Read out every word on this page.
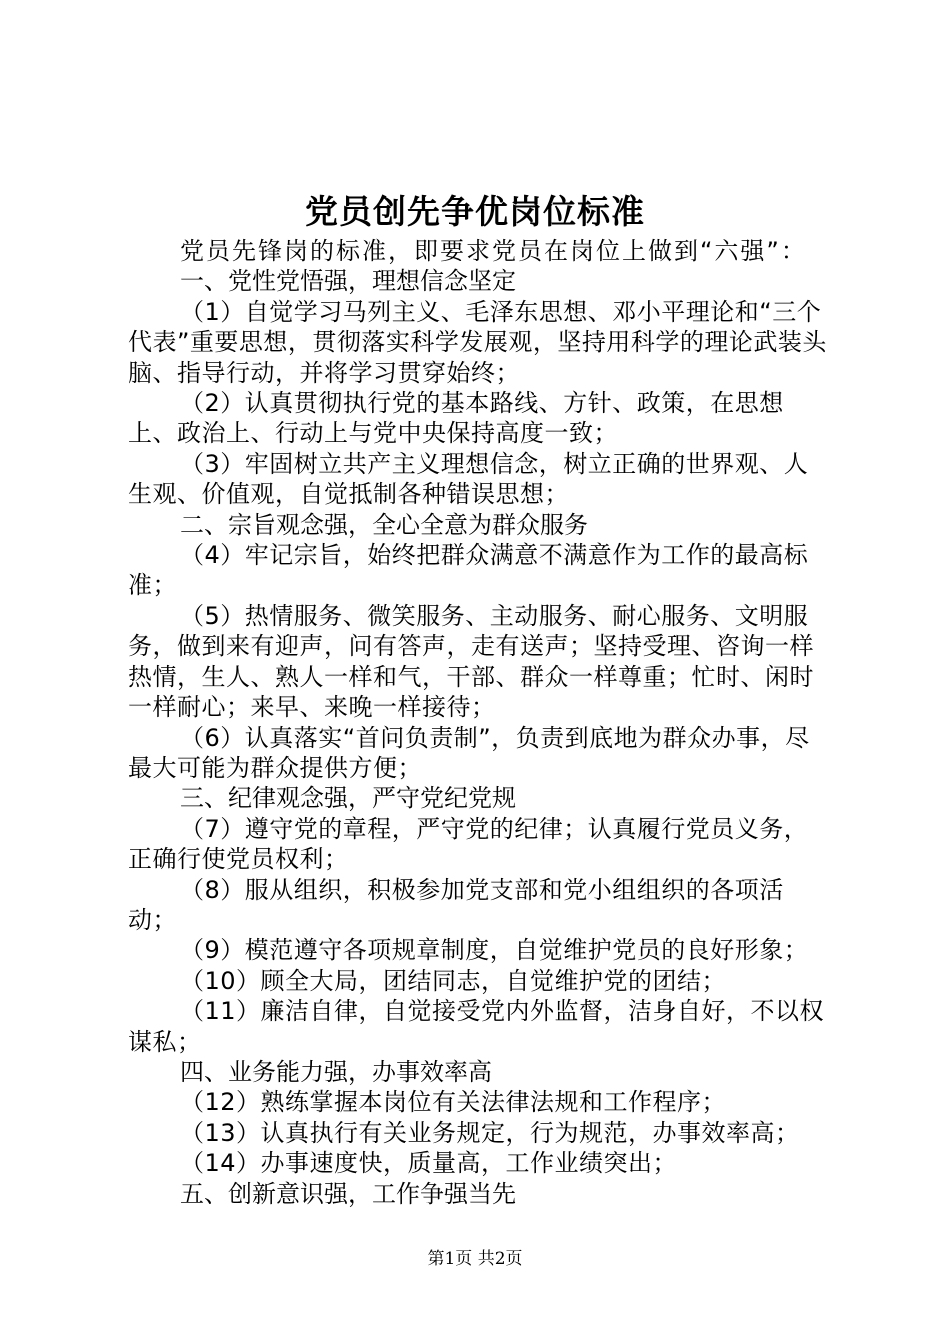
党员创先争优岗位标准

党员先锋岗的标准，即要求党员在岗位上做到“六强”：

一、党性党悟强，理想信念坚定

（1）自觉学习马列主义、毛泽东思想、邓小平理论和“三个代表”重要思想，贯彻落实科学发展观，坚持用科学的理论武装头脑、指导行动，并将学习贯穿始终；

（2）认真贯彻执行党的基本路线、方针、政策，在思想上、政治上、行动上与党中央保持高度一致；

（3）牢固树立共产主义理想信念，树立正确的世界观、人生观、价值观，自觉抵制各种错误思想；

二、宗旨观念强，全心全意为群众服务

（4）牢记宗旨，始终把群众满意不满意作为工作的最高标准；

（5）热情服务、微笑服务、主动服务、耐心服务、文明服务，做到来有迎声，问有答声，走有送声；坚持受理、咨询一样热情，生人、熟人一样和气，干部、群众一样尊重；忙时、闲时一样耐心；来早、来晚一样接待；

（6）认真落实“首问负责制”，负责到底地为群众办事，尽最大可能为群众提供方便；

三、纪律观念强，严守党纪党规

（7）遵守党的章程，严守党的纪律；认真履行党员义务，正确行使党员权利；

（8）服从组织，积极参加党支部和党小组组织的各项活动；

（9）模范遵守各项规章制度，自觉维护党员的良好形象；

（10）顾全大局，团结同志，自觉维护党的团结；

（11）廉洁自律，自觉接受党内外监督，洁身自好，不以权谋私；

四、业务能力强，办事效率高

（12）熟练掌握本岗位有关法律法规和工作程序；

（13）认真执行有关业务规定，行为规范，办事效率高；

（14）办事速度快，质量高，工作业绩突出；

五、创新意识强，工作争强当先

第1页 共2页
